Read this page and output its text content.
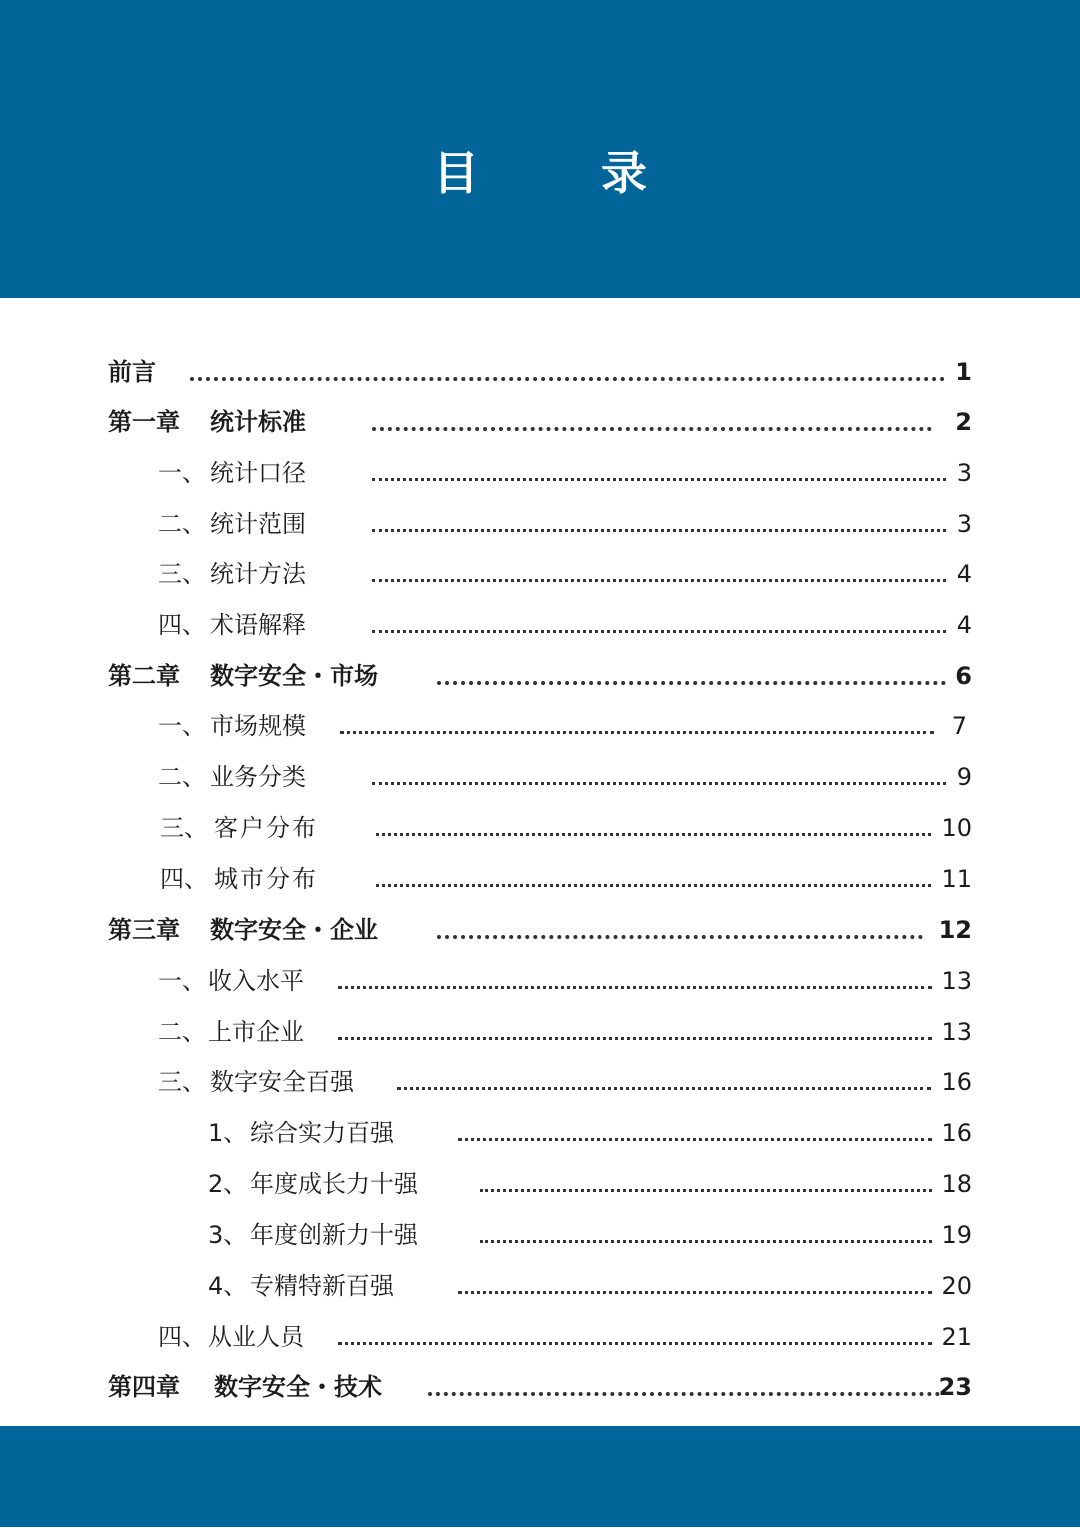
目　录
前言	1
第一章 统计标准	2
一、 统计口径	3
二、 统计范围	3
三、 统计方法	4
四、 术语解释	4
第二章 数字安全・市场	6
一、 市场规模	7
二、 业务分类	9
三、 客户分布	10
四、 城市分布	11
第三章 数字安全・企业	12
一、 收入水平	13
二、 上市企业	13
三、 数字安全百强	16
1、 综合实力百强	16
2、 年度成长力十强	18
3、 年度创新力十强	19
4、 专精特新百强	20
四、 从业人员	21
第四章 数字安全・技术	23
